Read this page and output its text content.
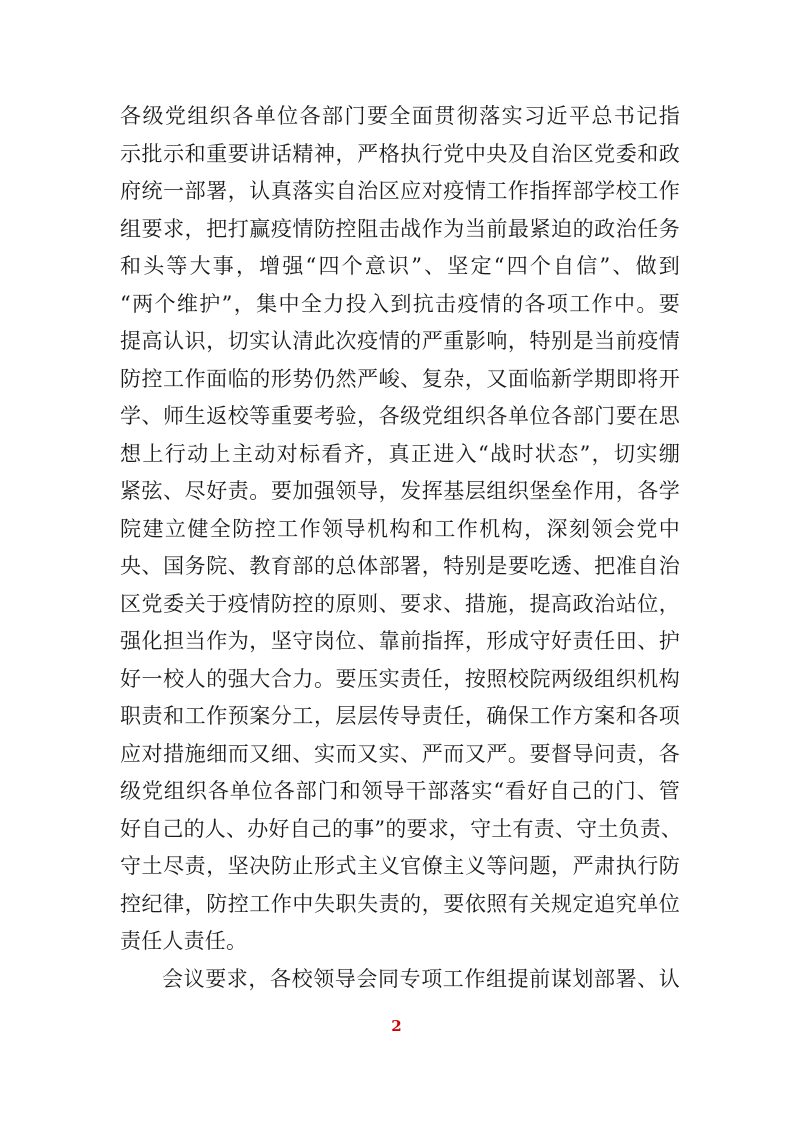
各级党组织各单位各部门要全面贯彻落实习近平总书记指
示批示和重要讲话精神，严格执行党中央及自治区党委和政
府统一部署，认真落实自治区应对疫情工作指挥部学校工作
组要求，把打赢疫情防控阻击战作为当前最紧迫的政治任务
和头等大事，增强“四个意识”、坚定“四个自信”、做到
“两个维护”，集中全力投入到抗击疫情的各项工作中。要
提高认识，切实认清此次疫情的严重影响，特别是当前疫情
防控工作面临的形势仍然严峻、复杂，又面临新学期即将开
学、师生返校等重要考验，各级党组织各单位各部门要在思
想上行动上主动对标看齐，真正进入“战时状态”，切实绷
紧弦、尽好责。要加强领导，发挥基层组织堡垒作用，各学
院建立健全防控工作领导机构和工作机构，深刻领会党中
央、国务院、教育部的总体部署，特别是要吃透、把准自治
区党委关于疫情防控的原则、要求、措施，提高政治站位，
强化担当作为，坚守岗位、靠前指挥，形成守好责任田、护
好一校人的强大合力。要压实责任，按照校院两级组织机构
职责和工作预案分工，层层传导责任，确保工作方案和各项
应对措施细而又细、实而又实、严而又严。要督导问责，各
级党组织各单位各部门和领导干部落实“看好自己的门、管
好自己的人、办好自己的事”的要求，守土有责、守土负责、
守土尽责，坚决防止形式主义官僚主义等问题，严肃执行防
控纪律，防控工作中失职失责的，要依照有关规定追究单位
责任人责任。
会议要求，各校领导会同专项工作组提前谋划部署、认
2
